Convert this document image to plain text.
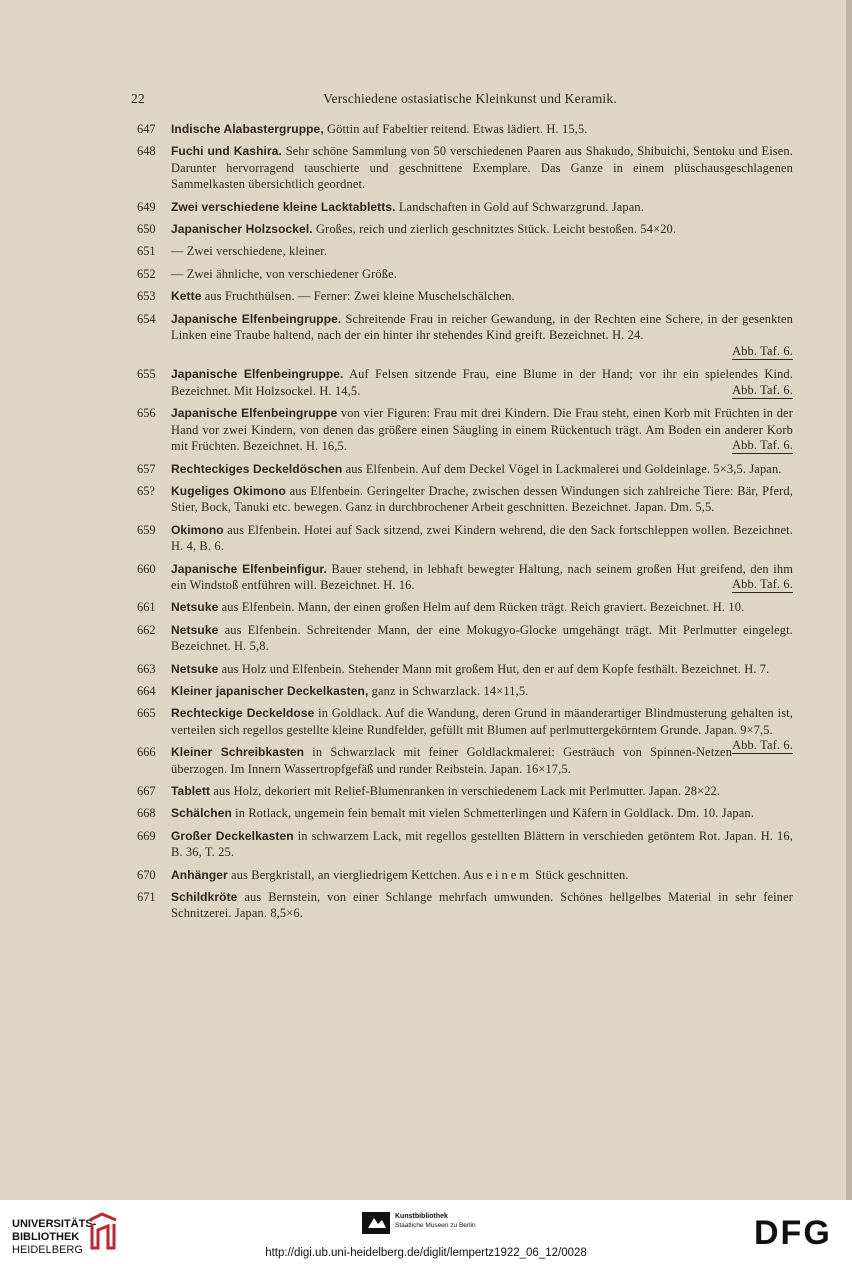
22	Verschiedene ostasiatische Kleinkunst und Keramik.
647	Indische Alabastergruppe, Göttin auf Fabeltier reitend. Etwas lädiert. H. 15,5.
648	Fuchi und Kashira. Sehr schöne Sammlung von 50 verschiedenen Paaren aus Shakudo, Shibuichi, Sentoku und Eisen. Darunter hervorragend tauschierte und geschnittene Exemplare. Das Ganze in einem plüschausgeschlagenen Sammelkasten übersichtlich geordnet.
649	Zwei verschiedene kleine Lacktabletts. Landschaften in Gold auf Schwarzgrund. Japan.
650	Japanischer Holzsockel. Großes, reich und zierlich geschnitztes Stück. Leicht bestoßen. 54×20.
651	— Zwei verschiedene, kleiner.
652	— Zwei ähnliche, von verschiedener Größe.
653	Kette aus Fruchthülsen. — Ferner: Zwei kleine Muschelschälchen.
654	Japanische Elfenbeingruppe. Schreitende Frau in reicher Gewandung, in der Rechten eine Schere, in der gesenkten Linken eine Traube haltend, nach der ein hinter ihr stehendes Kind greift. Bezeichnet. H. 24.
Abb. Taf. 6.
655	Japanische Elfenbeingruppe. Auf Felsen sitzende Frau, eine Blume in der Hand; vor ihr ein spielendes Kind. Bezeichnet. Mit Holzsockel. H. 14,5.	Abb. Taf. 6.
656	Japanische Elfenbeingruppe von vier Figuren: Frau mit drei Kindern. Die Frau steht, einen Korb mit Früchten in der Hand vor zwei Kindern, von denen das größere einen Säugling in einem Rückentuch trägt. Am Boden ein anderer Korb mit Früchten. Bezeichnet. H. 16,5.	Abb. Taf. 6.
657	Rechteckiges Deckeldöschen aus Elfenbein. Auf dem Deckel Vögel in Lackmalerei und Goldeinlage. 5×3,5. Japan.
65?	Kugeliges Okimono aus Elfenbein. Geringelter Drache, zwischen dessen Windungen sich zahlreiche Tiere: Bär, Pferd, Stier, Bock, Tanuki etc. bewegen. Ganz in durchbrochener Arbeit geschnitten. Bezeichnet. Japan. Dm. 5,5.
659	Okimono aus Elfenbein. Hotei auf Sack sitzend, zwei Kindern wehrend, die den Sack fortschleppen wollen. Bezeichnet. H. 4, B. 6.
660	Japanische Elfenbeinfigur. Bauer stehend, in lebhaft bewegter Haltung, nach seinem großen Hut greifend, den ihm ein Windstoß entführen will. Bezeichnet. H. 16.	Abb. Taf. 6.
661	Netsuke aus Elfenbein. Mann, der einen großen Helm auf dem Rücken trägt. Reich graviert. Bezeichnet. H. 10.
662	Netsuke aus Elfenbein. Schreitender Mann, der eine Mokugyo-Glocke umgehängt trägt. Mit Perlmutter eingelegt. Bezeichnet. H. 5,8.
663	Netsuke aus Holz und Elfenbein. Stehender Mann mit großem Hut, den er auf dem Kopfe festhält. Bezeichnet. H. 7.
664	Kleiner japanischer Deckelkasten, ganz in Schwarzlack. 14×11,5.
665	Rechteckige Deckeldose in Goldlack. Auf die Wandung, deren Grund in mäanderartiger Blindmusterung gehalten ist, verteilen sich regellos gestellte kleine Rundfelder, gefüllt mit Blumen auf perlmuttergekörntem Grunde. Japan. 9×7,5.
Abb. Taf. 6.
666	Kleiner Schreibkasten in Schwarzlack mit feiner Goldlackmalerei: Gesträuch von Spinnen-Netzen überzogen. Im Innern Wassertropfgefäß und runder Reibstein. Japan. 16×17,5.
667	Tablett aus Holz, dekoriert mit Relief-Blumenranken in verschiedenem Lack mit Perlmutter. Japan. 28×22.
668	Schälchen in Rotlack, ungemein fein bemalt mit vielen Schmetterlingen und Käfern in Goldlack. Dm. 10. Japan.
669	Großer Deckelkasten in schwarzem Lack, mit regellos gestellten Blättern in verschieden getöntem Rot. Japan. H. 16, B. 36, T. 25.
670	Anhänger aus Bergkristall, an viergliedrigem Kettchen. Aus einem Stück geschnitten.
671	Schildkröte aus Bernstein, von einer Schlange mehrfach umwunden. Schönes hellgelbes Material in sehr feiner Schnitzerei. Japan. 8,5×6.
UNIVERSITÄTS-
BIBLIOTHEK
HEIDELBERG
Kunstbibliothek
Staatliche Museen zu Berlin	DFG
http://digi.ub.uni-heidelberg.de/diglit/lempertz1922_06_12/0028
